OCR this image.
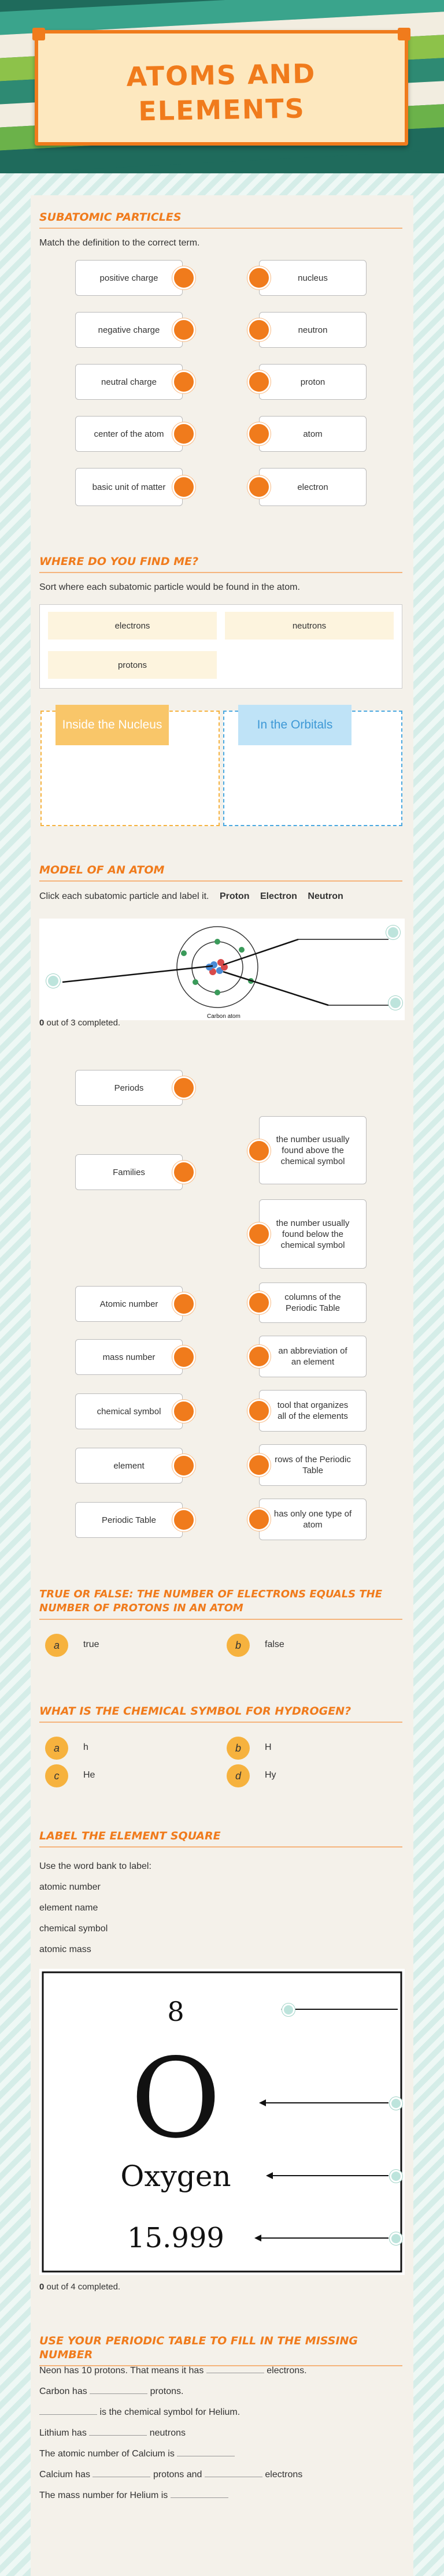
ATOMS AND ELEMENTS
SUBATOMIC PARTICLES
Match the definition to the correct term.
positive charge
negative charge
neutral charge
center of the atom
basic unit of matter
nucleus
neutron
proton
atom
electron
WHERE DO YOU FIND ME?
Sort where each subatomic particle would be found in the atom.
electrons	neutrons
protons
Inside the Nucleus	In the Orbitals
MODEL OF AN ATOM
Click each subatomic particle and label it. Proton Electron Neutron
Carbon atom
0 out of 3 completed.
Periods
Families
Atomic number
mass number
chemical symbol
element
Periodic Table
the number usually found above the chemical symbol
the number usually found below the chemical symbol
columns of the Periodic Table
an abbreviation of an element
tool that organizes all of the elements
rows of the Periodic Table
has only one type of atom
TRUE OR FALSE: THE NUMBER OF ELECTRONS EQUALS THE NUMBER OF PROTONS IN AN ATOM
a	true	b	false
WHAT IS THE CHEMICAL SYMBOL FOR HYDROGEN?
a	h	b	H
c	He	d	Hy
LABEL THE ELEMENT SQUARE
Use the word bank to label:
atomic number
element name
chemical symbol
atomic mass
8
O
Oxygen
15.999
0 out of 4 completed.
USE YOUR PERIODIC TABLE TO FILL IN THE MISSING NUMBER
Neon has 10 protons. That means it has	electrons.
Carbon has	protons.
is the chemical symbol for Helium.
Lithium has	neutrons
The atomic number of Calcium is
Calcium has	protons and	electrons
The mass number for Helium is
